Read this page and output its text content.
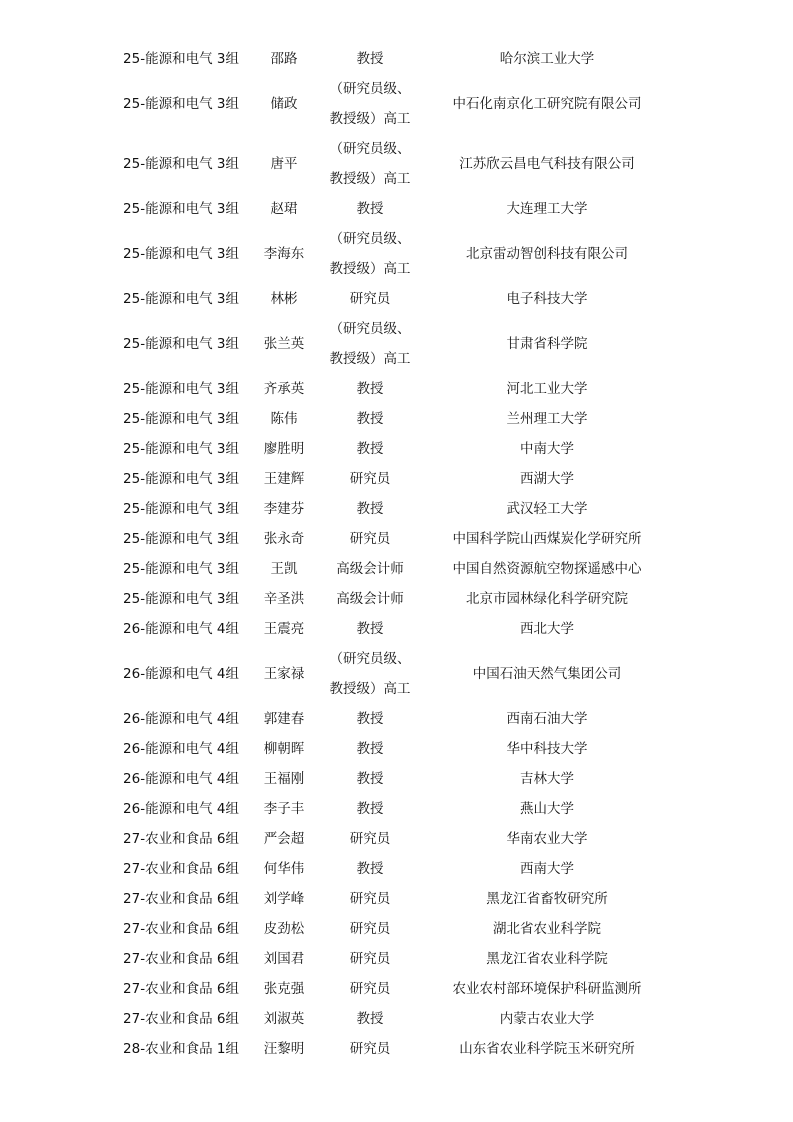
25-能源和电气 3组	邵路	教授	哈尔滨工业大学
25-能源和电气 3组	储政	（研究员级、
教授级）高工	中石化南京化工研究院有限公司
25-能源和电气 3组	唐平	（研究员级、
教授级）高工	江苏欣云昌电气科技有限公司
25-能源和电气 3组	赵珺	教授	大连理工大学
25-能源和电气 3组	李海东	（研究员级、
教授级）高工	北京雷动智创科技有限公司
25-能源和电气 3组	林彬	研究员	电子科技大学
25-能源和电气 3组	张兰英	（研究员级、
教授级）高工	甘肃省科学院
25-能源和电气 3组	齐承英	教授	河北工业大学
25-能源和电气 3组	陈伟	教授	兰州理工大学
25-能源和电气 3组	廖胜明	教授	中南大学
25-能源和电气 3组	王建辉	研究员	西湖大学
25-能源和电气 3组	李建芬	教授	武汉轻工大学
25-能源和电气 3组	张永奇	研究员	中国科学院山西煤炭化学研究所
25-能源和电气 3组	王凯	高级会计师	中国自然资源航空物探遥感中心
25-能源和电气 3组	辛圣洪	高级会计师	北京市园林绿化科学研究院
26-能源和电气 4组	王震亮	教授	西北大学
26-能源和电气 4组	王家禄	（研究员级、
教授级）高工	中国石油天然气集团公司
26-能源和电气 4组	郭建春	教授	西南石油大学
26-能源和电气 4组	柳朝晖	教授	华中科技大学
26-能源和电气 4组	王福刚	教授	吉林大学
26-能源和电气 4组	李子丰	教授	燕山大学
27-农业和食品 6组	严会超	研究员	华南农业大学
27-农业和食品 6组	何华伟	教授	西南大学
27-农业和食品 6组	刘学峰	研究员	黑龙江省畜牧研究所
27-农业和食品 6组	皮劲松	研究员	湖北省农业科学院
27-农业和食品 6组	刘国君	研究员	黑龙江省农业科学院
27-农业和食品 6组	张克强	研究员	农业农村部环境保护科研监测所
27-农业和食品 6组	刘淑英	教授	内蒙古农业大学
28-农业和食品 1组	汪黎明	研究员	山东省农业科学院玉米研究所
